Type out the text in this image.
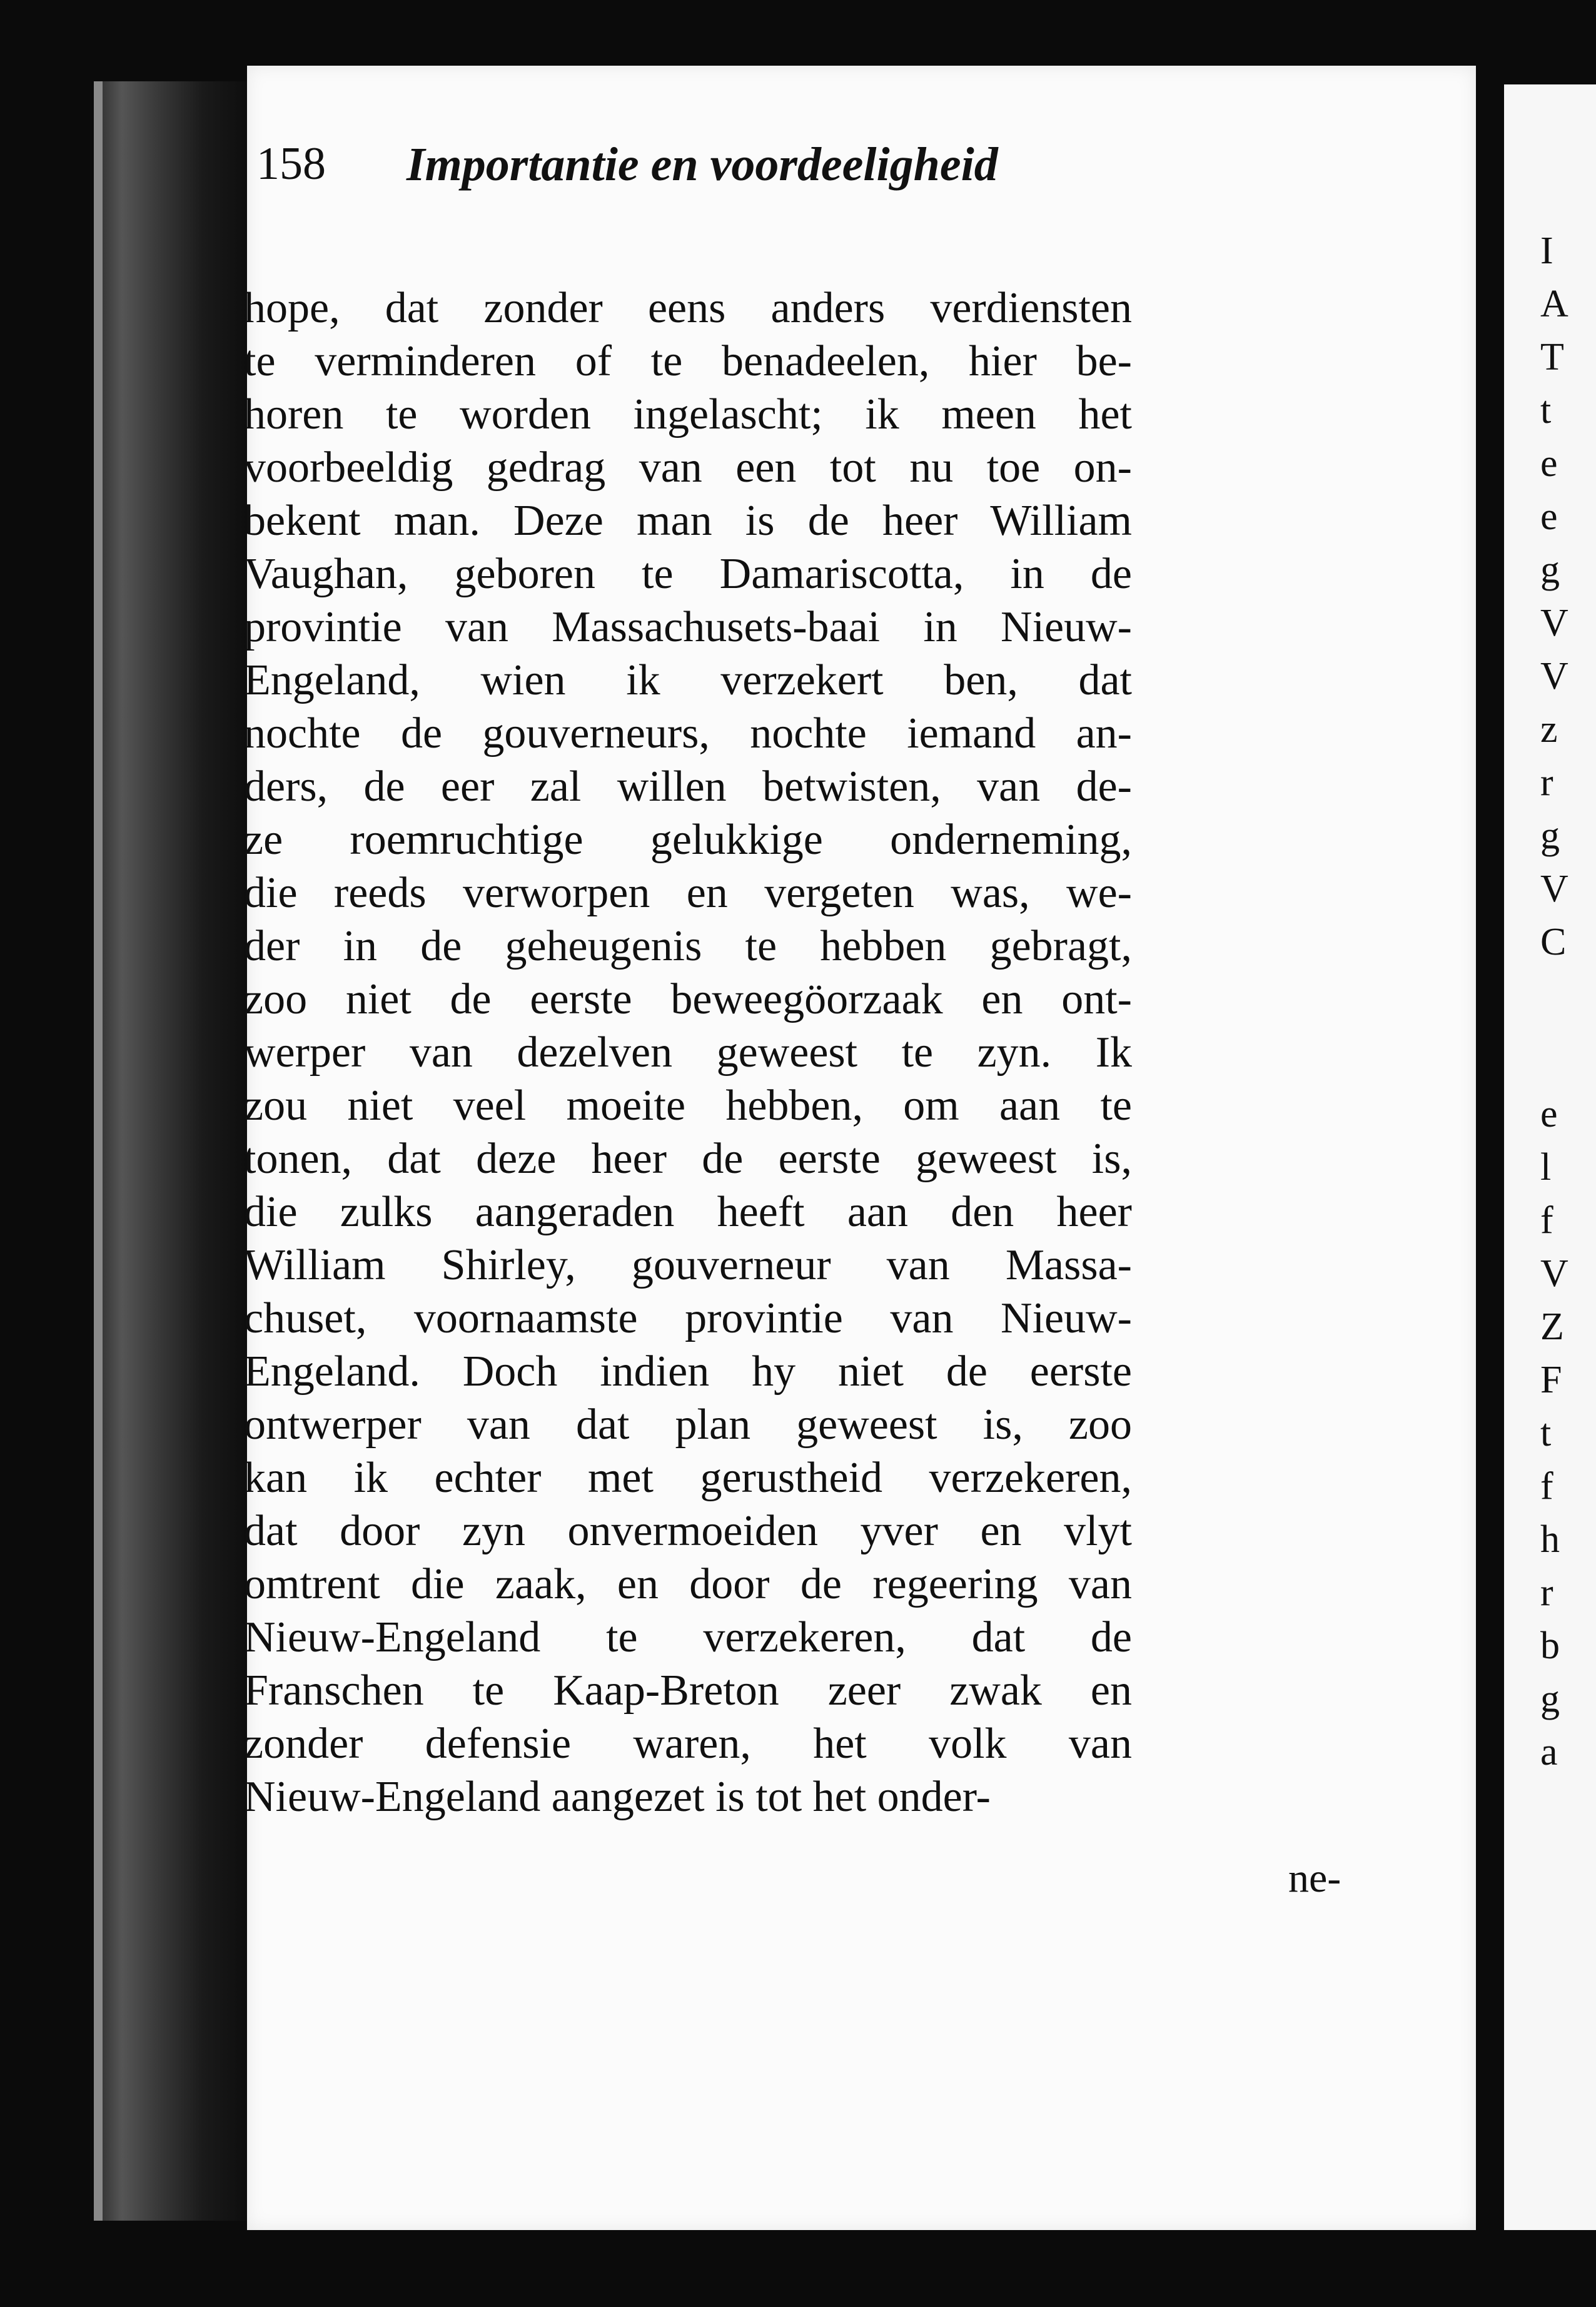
I
A
T
t
e
e
g
V
V
z
r
g
V
C
e
l
f
V
Z
F
t
f
h
r
b
g
a
158 Importantie en voordeeligheid
hope, dat zonder eens anders verdiensten
te verminderen of te benadeelen, hier be-
horen te worden ingelascht; ik meen het
voorbeeldig gedrag van een tot nu toe on-
bekent man. Deze man is de heer William
Vaughan, geboren te Damariscotta, in de
provintie van Massachusets-baai in Nieuw-
Engeland, wien ik verzekert ben, dat
nochte de gouverneurs, nochte iemand an-
ders, de eer zal willen betwisten, van de-
ze roemruchtige gelukkige onderneming,
die reeds verworpen en vergeten was, we-
der in de geheugenis te hebben gebragt,
zoo niet de eerste beweegöorzaak en ont-
werper van dezelven geweest te zyn. Ik
zou niet veel moeite hebben, om aan te
tonen, dat deze heer de eerste geweest is,
die zulks aangeraden heeft aan den heer
William Shirley, gouverneur van Massa-
chuset, voornaamste provintie van Nieuw-
Engeland. Doch indien hy niet de eerste
ontwerper van dat plan geweest is, zoo
kan ik echter met gerustheid verzekeren,
dat door zyn onvermoeiden yver en vlyt
omtrent die zaak, en door de regeering van
Nieuw-Engeland te verzekeren, dat de
Franschen te Kaap-Breton zeer zwak en
zonder defensie waren, het volk van
Nieuw-Engeland aangezet is tot het onder-
ne-
